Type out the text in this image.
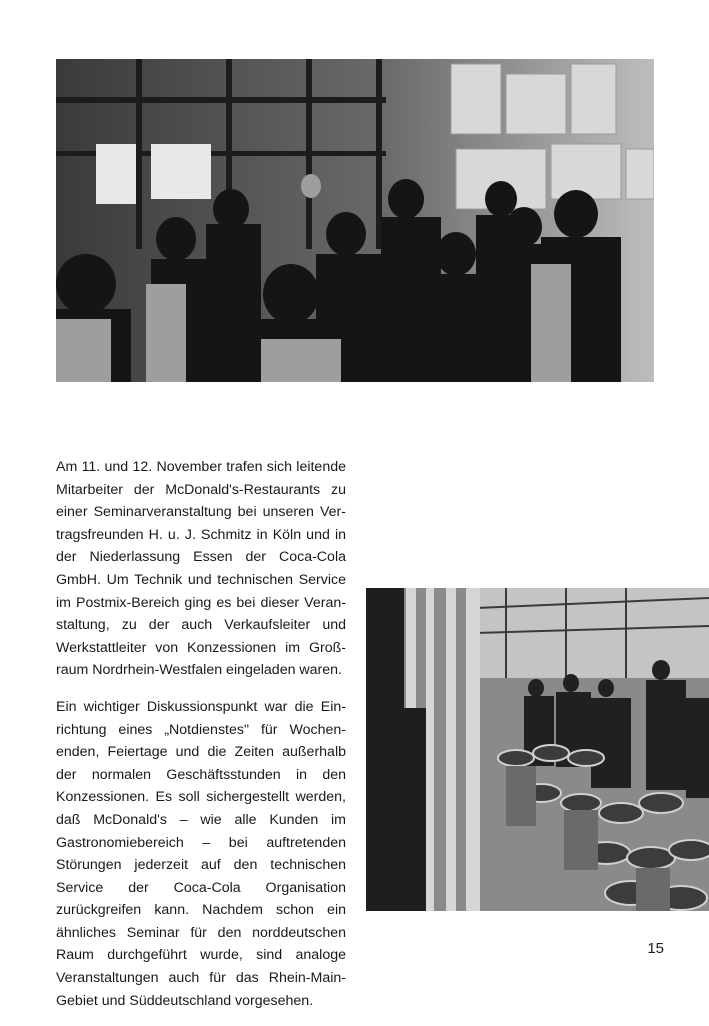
Am 11. und 12. November trafen sich leitende Mitarbeiter der McDonald's-Restaurants zu einer Seminarveranstaltung bei unseren Vertragsfreunden H. u. J. Schmitz in Köln und in der Niederlassung Essen der Coca-Cola GmbH. Um Technik und technischen Service im Postmix-Bereich ging es bei dieser Veranstaltung, zu der auch Verkaufsleiter und Werkstattleiter von Konzessionen im Großraum Nordrhein-Westfalen eingeladen waren.

Ein wichtiger Diskussionspunkt war die Einrichtung eines „Notdienstes" für Wochenenden, Feiertage und die Zeiten außerhalb der normalen Geschäftsstunden in den Konzessionen. Es soll sichergestellt werden, daß McDonald's – wie alle Kunden im Gastronomiebereich – bei auftretenden Störungen jederzeit auf den technischen Service der Coca-Cola Organisation zurückgreifen kann. Nachdem schon ein ähnliches Seminar für den norddeutschen Raum durchgeführt wurde, sind analoge Veranstaltungen auch für das Rhein-Main-Gebiet und Süddeutschland vorgesehen.

15
